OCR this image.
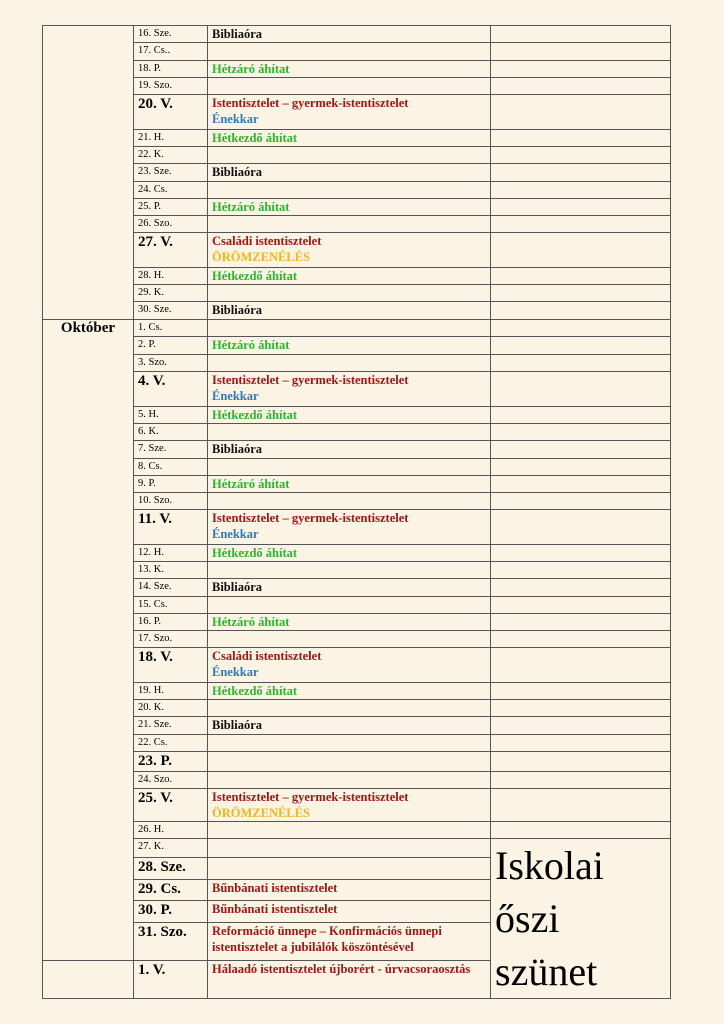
	16. Sze.	Bibliaóra	

	17. Cs..		
	18. P.	Hétzáró áhítat	

	19. Szo.		
	20. V.	Istentisztelet – gyermek-istentisztelet
Énekkar	

	21. H.	Hétkezdő áhítat	

	22. K.		
	23. Sze.	Bibliaóra	

	24. Cs.		
	25. P.	Hétzáró áhítat	

	26. Szo.		
	27. V.	Családi istentisztelet
ÖRÖMZENÉLÉS	

	28. H.	Hétkezdő áhítat	

	29. K.		
	30. Sze.	Bibliaóra	

Október	1. Cs.		
	2. P.	Hétzáró áhítat	

	3. Szo.		
	4. V.	Istentisztelet – gyermek-istentisztelet
Énekkar	

	5. H.	Hétkezdő áhítat	

	6. K.		
	7. Sze.	Bibliaóra	

	8. Cs.		
	9. P.	Hétzáró áhítat	

	10. Szo.		
	11. V.	Istentisztelet – gyermek-istentisztelet
Énekkar	

	12. H.	Hétkezdő áhítat	

	13. K.		
	14. Sze.	Bibliaóra	

	15. Cs.		
	16. P.	Hétzáró áhítat	

	17. Szo.		
	18. V.	Családi istentisztelet
Énekkar	

	19. H.	Hétkezdő áhítat	

	20. K.		
	21. Sze.	Bibliaóra	

	22. Cs.		
	23. P.		
	24. Szo.		
	25. V.	Istentisztelet – gyermek-istentisztelet
ÖRÖMZENÉLÉS	

	26. H.		
	27. K.		Iskolai őszi szünet
	28. Sze.		
	29. Cs.	Bűnbánati istentisztelet	

	30. P.	Bűnbánati istentisztelet	

	31. Szo.	Reformáció ünnepe – Konfirmációs ünnepi istentisztelet a jubilálók köszöntésével	

	1. V.	Hálaadó istentisztelet újborért - úrvacsoraosztás	
